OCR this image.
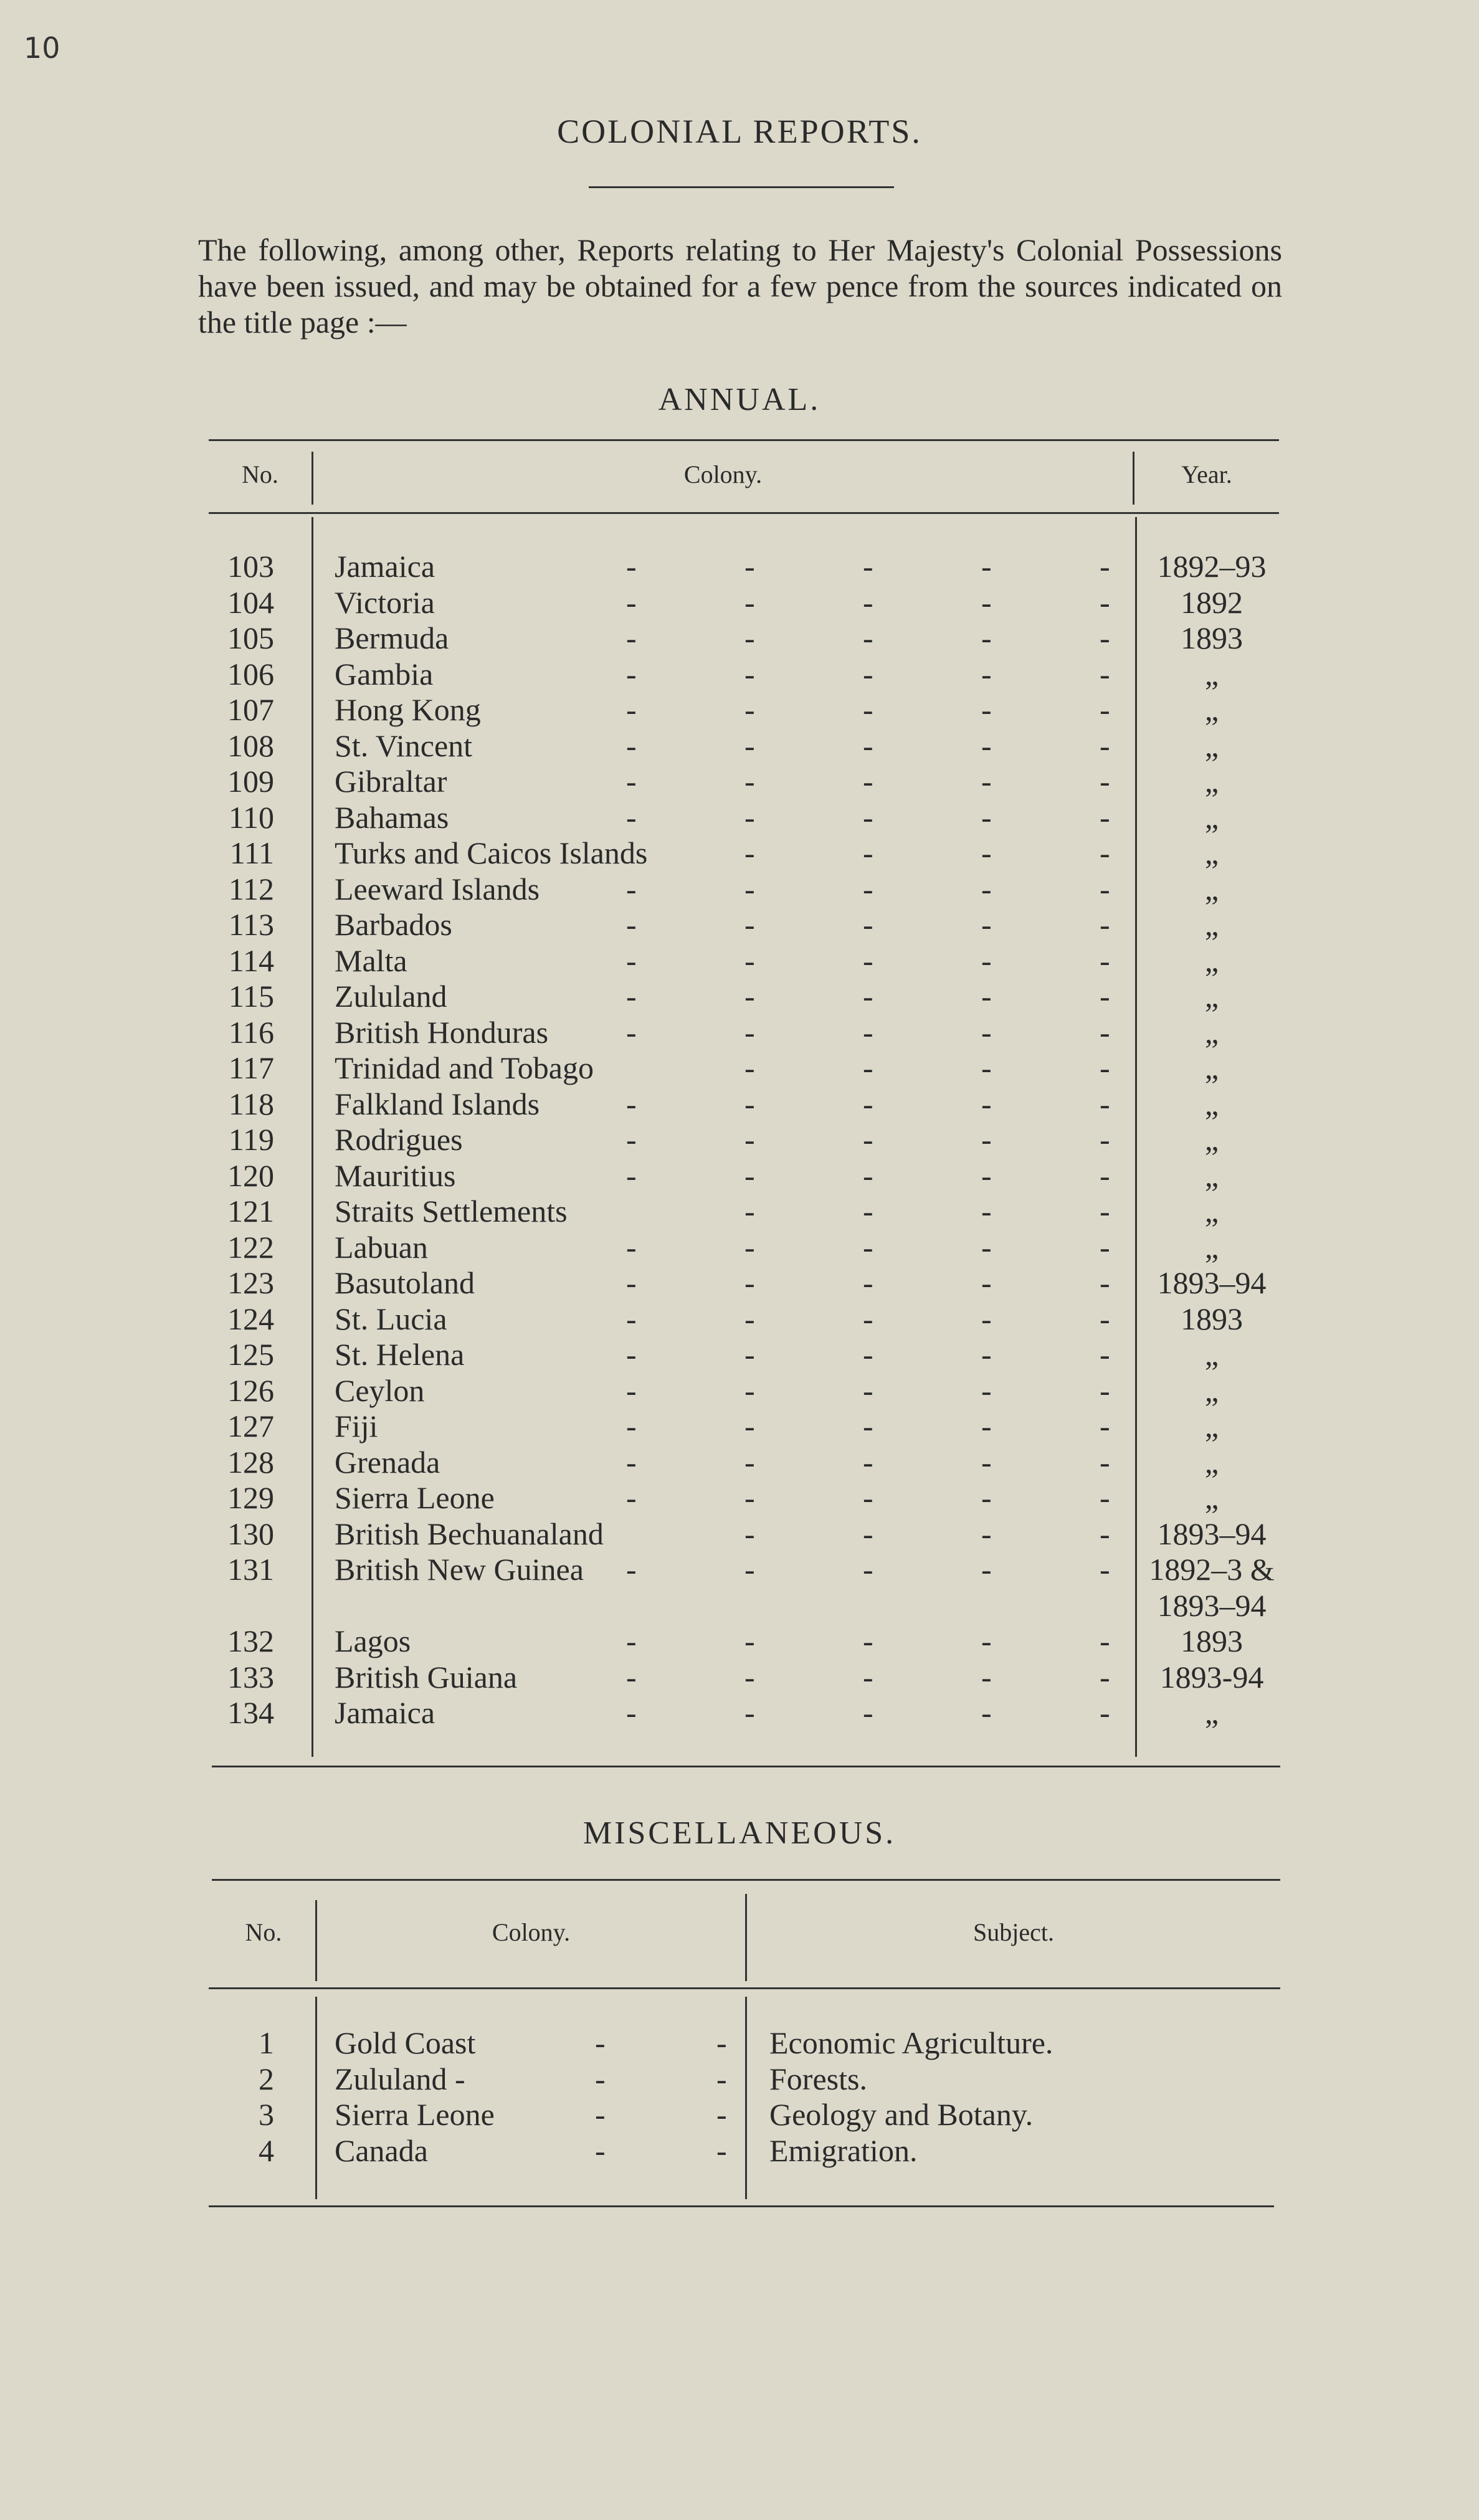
10
COLONIAL REPORTS.
The following, among other, Reports relating to Her Majesty's Colonial Possessions have been issued, and may be obtained for a few pence from the sources indicated on the title page :—
ANNUAL.
No.	Colony.	Year.
103 Jamaica	-	-	-	-	-	1892–93
104 Victoria	-	-	-	-	-	1892
105 Bermuda	-	-	-	-	-	1893
106 Gambia	-	-	-	-	-	„
107 Hong Kong	-	-	-	-	-	„
108 St. Vincent	-	-	-	-	-	„
109 Gibraltar	-	-	-	-	-	„
110 Bahamas	-	-	-	-	-	„
111 Turks and Caicos Islands	-	-	-	-	„
112 Leeward Islands	-	-	-	-	-	„
113 Barbados	-	-	-	-	-	„
114 Malta	-	-	-	-	-	„
115 Zululand	-	-	-	-	-	„
116 British Honduras -	-	-	-	-	„
117 Trinidad and Tobago	-	-	-	-	„
118 Falkland Islands	-	-	-	-	-	„
119 Rodrigues	-	-	-	-	-	„
120 Mauritius	-	-	-	-	-	„
121 Straits Settlements	-	-	-	-	„
122 Labuan	-	-	-	-	-	„
123 Basutoland	-	-	-	-	-	1893–94
124 St. Lucia	-	-	-	-	-	1893
125 St. Helena	-	-	-	-	-	„
126 Ceylon	-	-	-	-	-	„
127 Fiji	-	-	-	-	-	„
128 Grenada	-	-	-	-	-	„
129 Sierra Leone	-	-	-	-	-	„
130 British Bechuanaland	-	-	-	-	1893–94
131 British New Guinea -	-	-	-	- 1892–3 &
1893–94
132 Lagos	-	-	-	-	-	1893
133 British Guiana	-	-	-	-	-	1893-94
134 Jamaica	-	-	-	-	-	„
MISCELLANEOUS.
No.	Colony.	Subject.
1 Gold Coast	-	- Economic Agriculture.
2 Zululand -	-	- Forests.
3 Sierra Leone	-	- Geology and Botany.
4 Canada	-	- Emigration.
